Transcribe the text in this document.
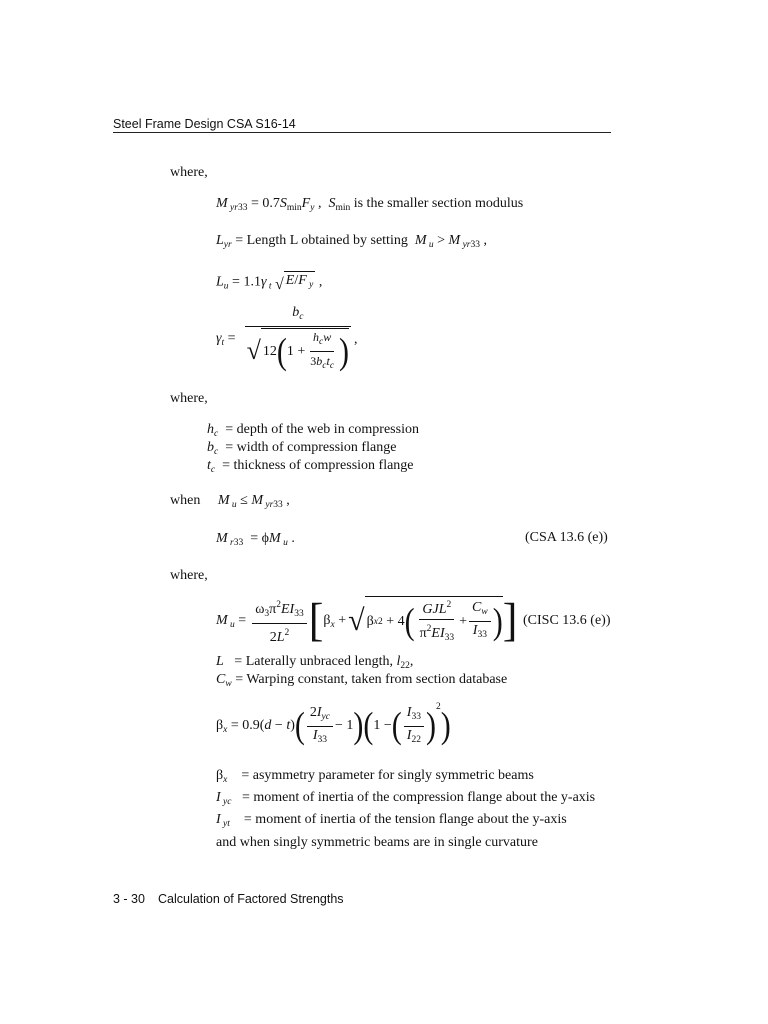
Steel Frame Design CSA S16-14
where,
M $_{yr33} = 0.7S_{min}F_y$ ,  $S_{min}$ is the smaller section modulus
$L_{yr}$ = Length L obtained by setting M $_u$ > M $_{yr33}$ ,
$L_u = 1.1\gamma$ $_t$ √ E/F $_y$ ,
$\gamma_t$ =
$b_c$
√ 12 ( $1 + \frac{h_cw}{3b_ct_c}$ ) ,
where,
$h_c$ = depth of the web in compression
$b_c$ = width of compression flange
$t_c$ = thickness of compression flange
when M $_u$ ≤ M $_{yr33}$ ,
M $_{r33}$  = ϕM $_u$ .	(CSA 13.6 (e))
where,
M $_u = \frac{\omega_3\pi^2EI_{33}}{2L^2}$ [ $\beta_x$ + √ β x 2 + 4 ( $\frac{GJL^2}{\pi^2EI_{33}} + \frac{C_w}{I_{33}}$ ) ] (CISC 13.6 (e))
L = Laterally unbraced length, $l_{22}$,
$C_w$ = Warping constant, taken from section database
$\beta_x = 0.9(d - t)$ ( $\frac{2I_{yc}}{I_{33}} - 1$ ) ( 1 − ( $\frac{I_{33}}{I_{22}}$ ) 2 )
$\beta_x$ = asymmetry parameter for singly symmetric beams
I $_{yc}$ = moment of inertia of the compression flange about the y-axis
I $_{yt}$ = moment of inertia of the tension flange about the y-axis
and when singly symmetric beams are in single curvature
3 - 30 Calculation of Factored Strengths
